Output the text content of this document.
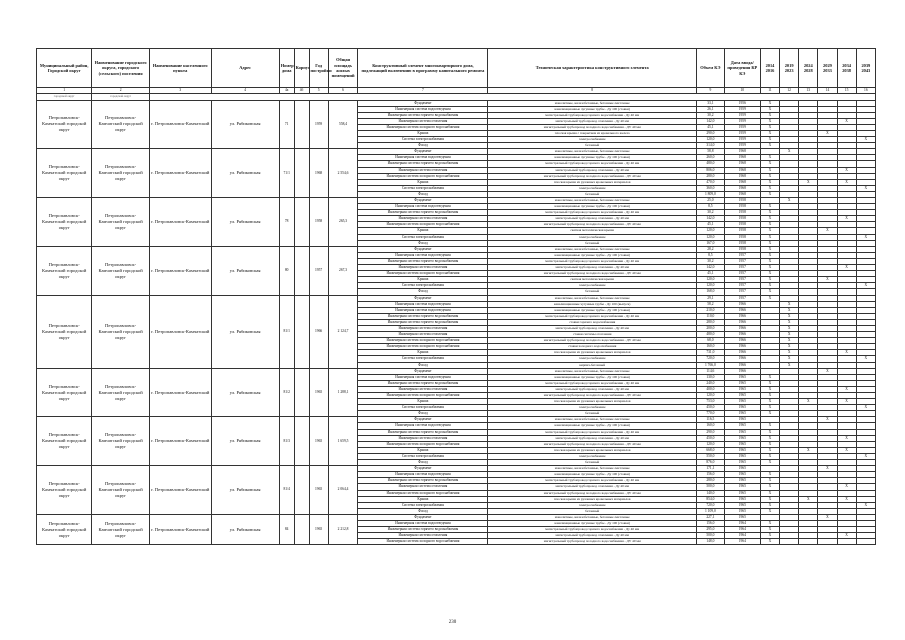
Муниципальный район, Городской округ	Наименование городского округа, городского (сельского) поселения	Наименование населенного пункта	Адрес	Номер дома	Корпус	Год постройки	Общая площадь жилых помещений	Конструктивный элемент многоквартирного дома, подлежащий включению в программу капитального ремонта	Техническая характеристика конструктивного элемента	Объем КЭ	Дата ввода/проведения КР КЭ	2014 2016	2019 2023	2024 2028	2029 2033	2034 2038	2039 2043
1	2	3	4	4а	4б	5	6	7	8	9	10	11	12	13	14	15	16
городской округ	городской округ																
Петропавловск-Камчатский городской округ	Петропавловск-Камчатский городской округ	г. Петропавловск-Камчатский	ул. Рябиковская	71		1959	558,4	Фундамент	монолитные, железобетонные, бетонные ленточные	33,1	1956	X					
								Инженерная система водоотведения	канализационные чугунные трубы - Ду 100 (стояки)	26,1	1959	X					
								Инженерная система горячего водоснабжения	магистральный трубопровод горячего водоснабжения - Ду 40 мм	30,2	1959	X					
								Инженерная система отопления	магистральный трубопровод отопления - Ду 40 мм	142,0	1959	X				X	
								Инженерная система холодного водоснабжения	магистральный трубопровод холодного водоснабжения - ДУ 40 мм	45,1	1959	X					
								Крыша	плоская крыша с покрытием из кровельного железа	290,0	1959	X			X		
								Система электроснабжения	электроснабжение	120,0	1959	X					X
								Фасад	бетонный	314,0	1959	X					
Петропавловск-Камчатский городской округ	Петропавловск-Камчатский городской округ	г. Петропавловск-Камчатский	ул. Рябиковская	71/1		1968	2 554,6	Фундамент	монолитные, железобетонные, бетонные ленточные	58,8	1968		X				
								Инженерная система водоотведения	канализационные чугунные трубы - Ду 100 (стояки)	260,0	1968	X					
								Инженерная система горячего водоснабжения	магистральный трубопровод горячего водоснабжения - Ду 40 мм	480,0	1968	X					
								Инженерная система отопления	магистральный трубопровод отопления - Ду 40 мм	806,0	1968	X				X	
								Инженерная система холодного водоснабжения	магистральный трубопровод холодного водоснабжения - ДУ 40 мм	280,0	1968	X					
								Крыша	плоская крыша из рулонных кровельных материалов	470,0	1968	X		X		X	
								Система электроснабжения	электроснабжение	360,0	1968	X					X
								Фасад	бетонный	1 809,0	1968	X					
Петропавловск-Камчатский городской округ	Петропавловск-Камчатский городской округ	г. Петропавловск-Камчатский	ул. Рябиковская	78		1958	265,3	Фундамент	монолитные, железобетонные, бетонные ленточные	25,0	1958		X				
								Инженерная система водоотведения	канализационные чугунные трубы - Ду 100 (стояки)	8,5	1958	X					
								Инженерная система горячего водоснабжения	магистральный трубопровод горячего водоснабжения - Ду 40 мм	30,2	1958	X					
								Инженерная система отопления	магистральный трубопровод отопления - Ду 40 мм	142,0	1958	X				X	
								Инженерная система холодного водоснабжения	магистральный трубопровод холодного водоснабжения - ДУ 40 мм	45,1	1958	X					
								Крыша	скатная металлическая крыша	120,0	1958	X			X		
								Система электроснабжения	электроснабжение	120,0	1958	X					X
								Фасад	бетонный	167,0	1958	X					
Петропавловск-Камчатский городской округ	Петропавловск-Камчатский городской округ	г. Петропавловск-Камчатский	ул. Рябиковская	80		1957	267,3	Фундамент	монолитные, железобетонные, бетонные ленточные	28,2	1958	X					
								Инженерная система водоотведения	канализационные чугунные трубы - Ду 100 (стояки)	8,5	1957	X					
								Инженерная система горячего водоснабжения	магистральный трубопровод горячего водоснабжения - Ду 40 мм	30,2	1957	X					
								Инженерная система отопления	магистральный трубопровод отопления - Ду 40 мм	142,0	1957	X				X	
								Инженерная система холодного водоснабжения	магистральный трубопровод холодного водоснабжения - ДУ 40 мм	45,1	1957	X					
								Крыша	скатная металлическая крыша	120,0	1957	X			X		
								Система электроснабжения	электроснабжение	120,0	1957	X					X
								Фасад	бетонный	168,0	1957	X					
Петропавловск-Камчатский городской округ	Петропавловск-Камчатский городской округ	г. Петропавловск-Камчатский	ул. Рябиковская	81/1		1966	2 124,7	Фундамент	монолитные, железобетонные, бетонные ленточные	29,1	1957	X					
								Инженерная система водоотведения	канализационные чугунные трубы - Ду 100 (выпуск)	58,2	1966		X				
								Инженерная система водоотведения	канализационные чугунные трубы - Ду 100 (стояки)	210,0	1966		X				
								Инженерная система горячего водоснабжения	магистральный трубопровод горячего водоснабжения - Ду 40 мм	110,0	1966		X				
								Инженерная система горячего водоснабжения	стояки горячего водоснабжения	280,0	1966		X				
								Инженерная система отопления	магистральный трубопровод отопления - Ду 40 мм	200,0	1966		X				
								Инженерная система отопления	стояки системы отопления	480,0	1966		X				
								Инженерная система холодного водоснабжения	магистральный трубопровод холодного водоснабжения - ДУ 40 мм	68,0	1966		X				
								Инженерная система холодного водоснабжения	стояки холодного водоснабжения	160,0	1966		X				
								Крыша	плоская крыша из рулонных кровельных материалов	731,0	1966		X			X	
								Система электроснабжения	электроснабжение	720,0	1966		X				X
								Фасад	кирпич-бетонный	1 766,0	1966		X				
Петропавловск-Камчатский городской округ	Петропавловск-Камчатский городской округ	г. Петропавловск-Камчатский	ул. Рябиковская	81/2		1965	1 288,1	Фундамент	монолитные, железобетонные, бетонные ленточные	114,6	1966				X		
								Инженерная система водоотведения	канализационные чугунные трубы - Ду 100 (стояки)	130,0	1965	X					
								Инженерная система горячего водоснабжения	магистральный трубопровод горячего водоснабжения - Ду 40 мм	240,0	1965	X					
								Инженерная система отопления	магистральный трубопровод отопления - Ду 40 мм	400,0	1965	X				X	
								Инженерная система холодного водоснабжения	магистральный трубопровод холодного водоснабжения - ДУ 40 мм	120,0	1965	X					
								Крыша	плоская крыша из рулонных кровельных материалов	753,0	1965	X		X		X	
								Система электроснабжения	электроснабжение	450,0	1965	X					X
								Фасад	бетонный	770,0	1965	X					
Петропавловск-Камчатский городской округ	Петропавловск-Камчатский городской округ	г. Петропавловск-Камчатский	ул. Рябиковская	81/3		1965	1 659,5	Фундамент	монолитные, железобетонные, бетонные ленточные	116,5	1965				X		
								Инженерная система водоотведения	канализационные чугунные трубы - Ду 100 (стояки)	160,0	1965	X					
								Инженерная система горячего водоснабжения	магистральный трубопровод горячего водоснабжения - Ду 40 мм	290,0	1965	X					
								Инженерная система отопления	магистральный трубопровод отопления - Ду 40 мм	450,0	1965	X				X	
								Инженерная система холодного водоснабжения	магистральный трубопровод холодного водоснабжения - ДУ 40 мм	120,0	1965	X					
								Крыша	плоская крыша из рулонных кровельных материалов	668,0	1965	X		X		X	
								Система электроснабжения	электроснабжение	550,0	1965	X					X
								Фасад	бетонный	876,0	1965	X					
Петропавловск-Камчатский городской округ	Петропавловск-Камчатский городской округ	г. Петропавловск-Камчатский	ул. Рябиковская	81/4		1965	2 064,4	Фундамент	монолитные, железобетонные, бетонные ленточные	171,1	1965				X		
								Инженерная система водоотведения	канализационные чугунные трубы - Ду 100 (стояки)	156,0	1965	X					
								Инженерная система горячего водоснабжения	магистральный трубопровод горячего водоснабжения - Ду 40 мм	280,0	1965	X					
								Инженерная система отопления	магистральный трубопровод отопления - Ду 40 мм	500,0	1965	X				X	
								Инженерная система холодного водоснабжения	магистральный трубопровод холодного водоснабжения - ДУ 40 мм	140,0	1965	X					
								Крыша	плоская крыша из рулонных кровельных материалов	854,0	1965	X		X		X	
								Система электроснабжения	электроснабжение	720,0	1965	X					X
								Фасад	бетонный	1 109,0	1965	X					
Петропавловск-Камчатский городской округ	Петропавловск-Камчатский городской округ	г. Петропавловск-Камчатский	ул. Рябиковская	84		1965	2 212,8	Фундамент	монолитные, железобетонные, бетонные ленточные	227,1	1965				X		
								Инженерная система водоотведения	канализационные чугунные трубы - Ду 100 (стояки)	156,0	1964	X					
								Инженерная система горячего водоснабжения	магистральный трубопровод горячего водоснабжения - Ду 40 мм	295,0	1964	X					
								Инженерная система отопления	магистральный трубопровод отопления - Ду 40 мм	500,0	1964	X				X	
								Инженерная система холодного водоснабжения	магистральный трубопровод холодного водоснабжения - ДУ 40 мм	148,0	1964	X					
230
